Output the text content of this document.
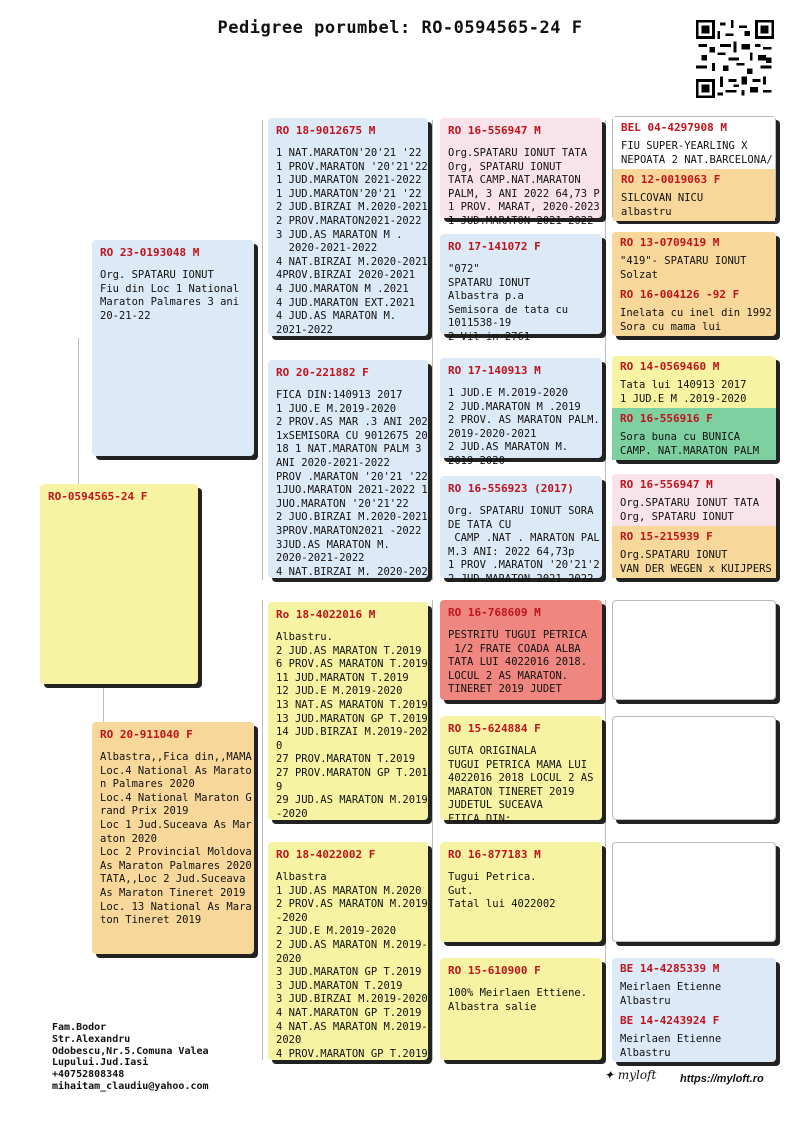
Pedigree porumbel: RO-0594565-24 F
RO-0594565-24 F
RO 23-0193048 M
Org. SPATARU IONUT
Fiu din Loc 1 National
Maraton Palmares 3 ani
20-21-22
RO 20-911040 F
Albastra,,Fica din,,MAMA
Loc.4 National As Marato
n Palmares 2020
Loc.4 National Maraton G
rand Prix 2019
Loc 1 Jud.Suceava As Mar
aton 2020
Loc 2 Provincial Moldova
As Maraton Palmares 2020
TATA,,Loc 2 Jud.Suceava
As Maraton Tineret 2019
Loc. 13 National As Mara
ton Tineret 2019
RO 18-9012675 M
1 NAT.MARATON'20'21 '22
1 PROV.MARATON '20'21'22
1 JUD.MARATON 2021-2022
1 JUD.MARATON'20'21 '22
2 JUD.BIRZAI M.2020-2021
2 PROV.MARATON2021-2022
3 JUD.AS MARATON M .
2020-2021-2022
4 NAT.BIRZAI M.2020-2021
4PROV.BIRZAI 2020-2021
4 JUO.MARATON M .2021
4 JUD.MARATON EXT.2021
4 JUD.AS MARATON M.
2021-2022
RO 20-221882 F
FICA DIN:140913 2017
1 JUO.E M.2019-2020
2 PROV.AS MAR .3 ANI 202
1xSEMISORA CU 9012675 20
18 1 NAT.MARATON PALM 3
ANI 2020-2021-2022
PROV .MARATON '20'21 '22
1JUO.MARATON 2021-2022 1
JUO.MARATON '20'21'22
2 JUO.BIRZAI M.2020-2021
3PROV.MARATON2021 -2022
3JUD.AS MARATON M.
2020-2021-2022
4 NAT.BIRZAI M. 2020-202
Ro 18-4022016 M
Albastru.
2 JUD.AS MARATON T.2019
6 PROV.AS MARATON T.2019
11 JUD.MARATON T.2019
12 JUD.E M.2019-2020
13 NAT.AS MARATON T.2019
13 JUD.MARATON GP T.2019
14 JUD.BIRZAI M.2019-202
0
27 PROV.MARATON T.2019
27 PROV.MARATON GP T.201
9
29 JUD.AS MARATON M.2019
-2020
RO 18-4022002 F
Albastra
1 JUD.AS MARATON M.2020
2 PROV.AS MARATON M.2019
-2020
2 JUD.E M.2019-2020
2 JUD.AS MARATON M.2019-
2020
3 JUD.MARATON GP T.2019
3 JUD.MARATON T.2019
3 JUD.BIRZAI M.2019-2020
4 NAT.MARATON GP T.2019
4 NAT.AS MARATON M.2019-
2020
4 PROV.MARATON GP T.2019
RO 16-556947 M
Org.SPATARU IONUT TATA
Org, SPATARU IONUT
TATA CAMP.NAT.MARATON
PALM, 3 ANI 2022 64,73 P
1 PROV. MARAT, 2020-2023
1 JUD.MARATON 2021-2022
RO 17-141072 F
"072"
SPATARU IONUT
Albastra p.a
Semisora de tata cu
1011538-19
2 Vil in 2761
RO 17-140913 M
1 JUD.E M.2019-2020
2 JUD.MARATON M .2019
2 PROV. AS MARATON PALM.
2019-2020-2021
2 JUD.AS MARATON M.
2019-2020
RO 16-556923 (2017)
Org. SPATARU IONUT SORA
DE TATA CU
CAMP .NAT . MARATON PAL
M.3 ANI: 2022 64,73p
1 PROV .MARATON '20'21'2
2 JUD.MARATON 2021-2022
RO 16-768609 M
PESTRITU TUGUI PETRICA
1/2 FRATE COADA ALBA
TATA LUI 4022016 2018.
LOCUL 2 AS MARATON.
TINERET 2019 JUDET
RO 15-624884 F
GUTA ORIGINALA
TUGUI PETRICA MAMA LUI
4022016 2018 LOCUL 2 AS
MARATON TINERET 2019
JUDETUL SUCEAVA
FIICA DIN:
RO 16-877183 M
Tugui Petrica.
Gut.
Tatal lui 4022002
RO 15-610900 F
100% Meirlaen Ettiene.
Albastra salie
BEL 04-4297908 M
FIU SUPER-YEARLING X
NEPOATA 2 NAT.BARCELONA/
RO 12-0019063 F
SILCOVAN NICU
albastru
RO 13-0709419 M
"419"- SPATARU IONUT
Solzat
RO 16-004126 -92 F
Inelata cu inel din 1992
Sora cu mama lui
RO 14-0569460 M
Tata lui 140913 2017
1 JUD.E M .2019-2020
RO 16-556916 F
Sora buna cu BUNICA
CAMP. NAT.MARATON PALM
RO 16-556947 M
Org.SPATARU IONUT TATA
Org, SPATARU IONUT
RO 15-215939 F
Org.SPATARU IONUT
VAN DER WEGEN x KUIJPERS
BE 14-4285339 M
Meirlaen Etienne
Albastru
BE 14-4243924 F
Meirlaen Etienne
Albastru
Fam.Bodor
Str.Alexandru
Odobescu,Nr.5.Comuna Valea
Lupului.Jud.Iasi
+40752808348
mihaitam_claudiu@yahoo.com
✦ myloft https://myloft.ro
